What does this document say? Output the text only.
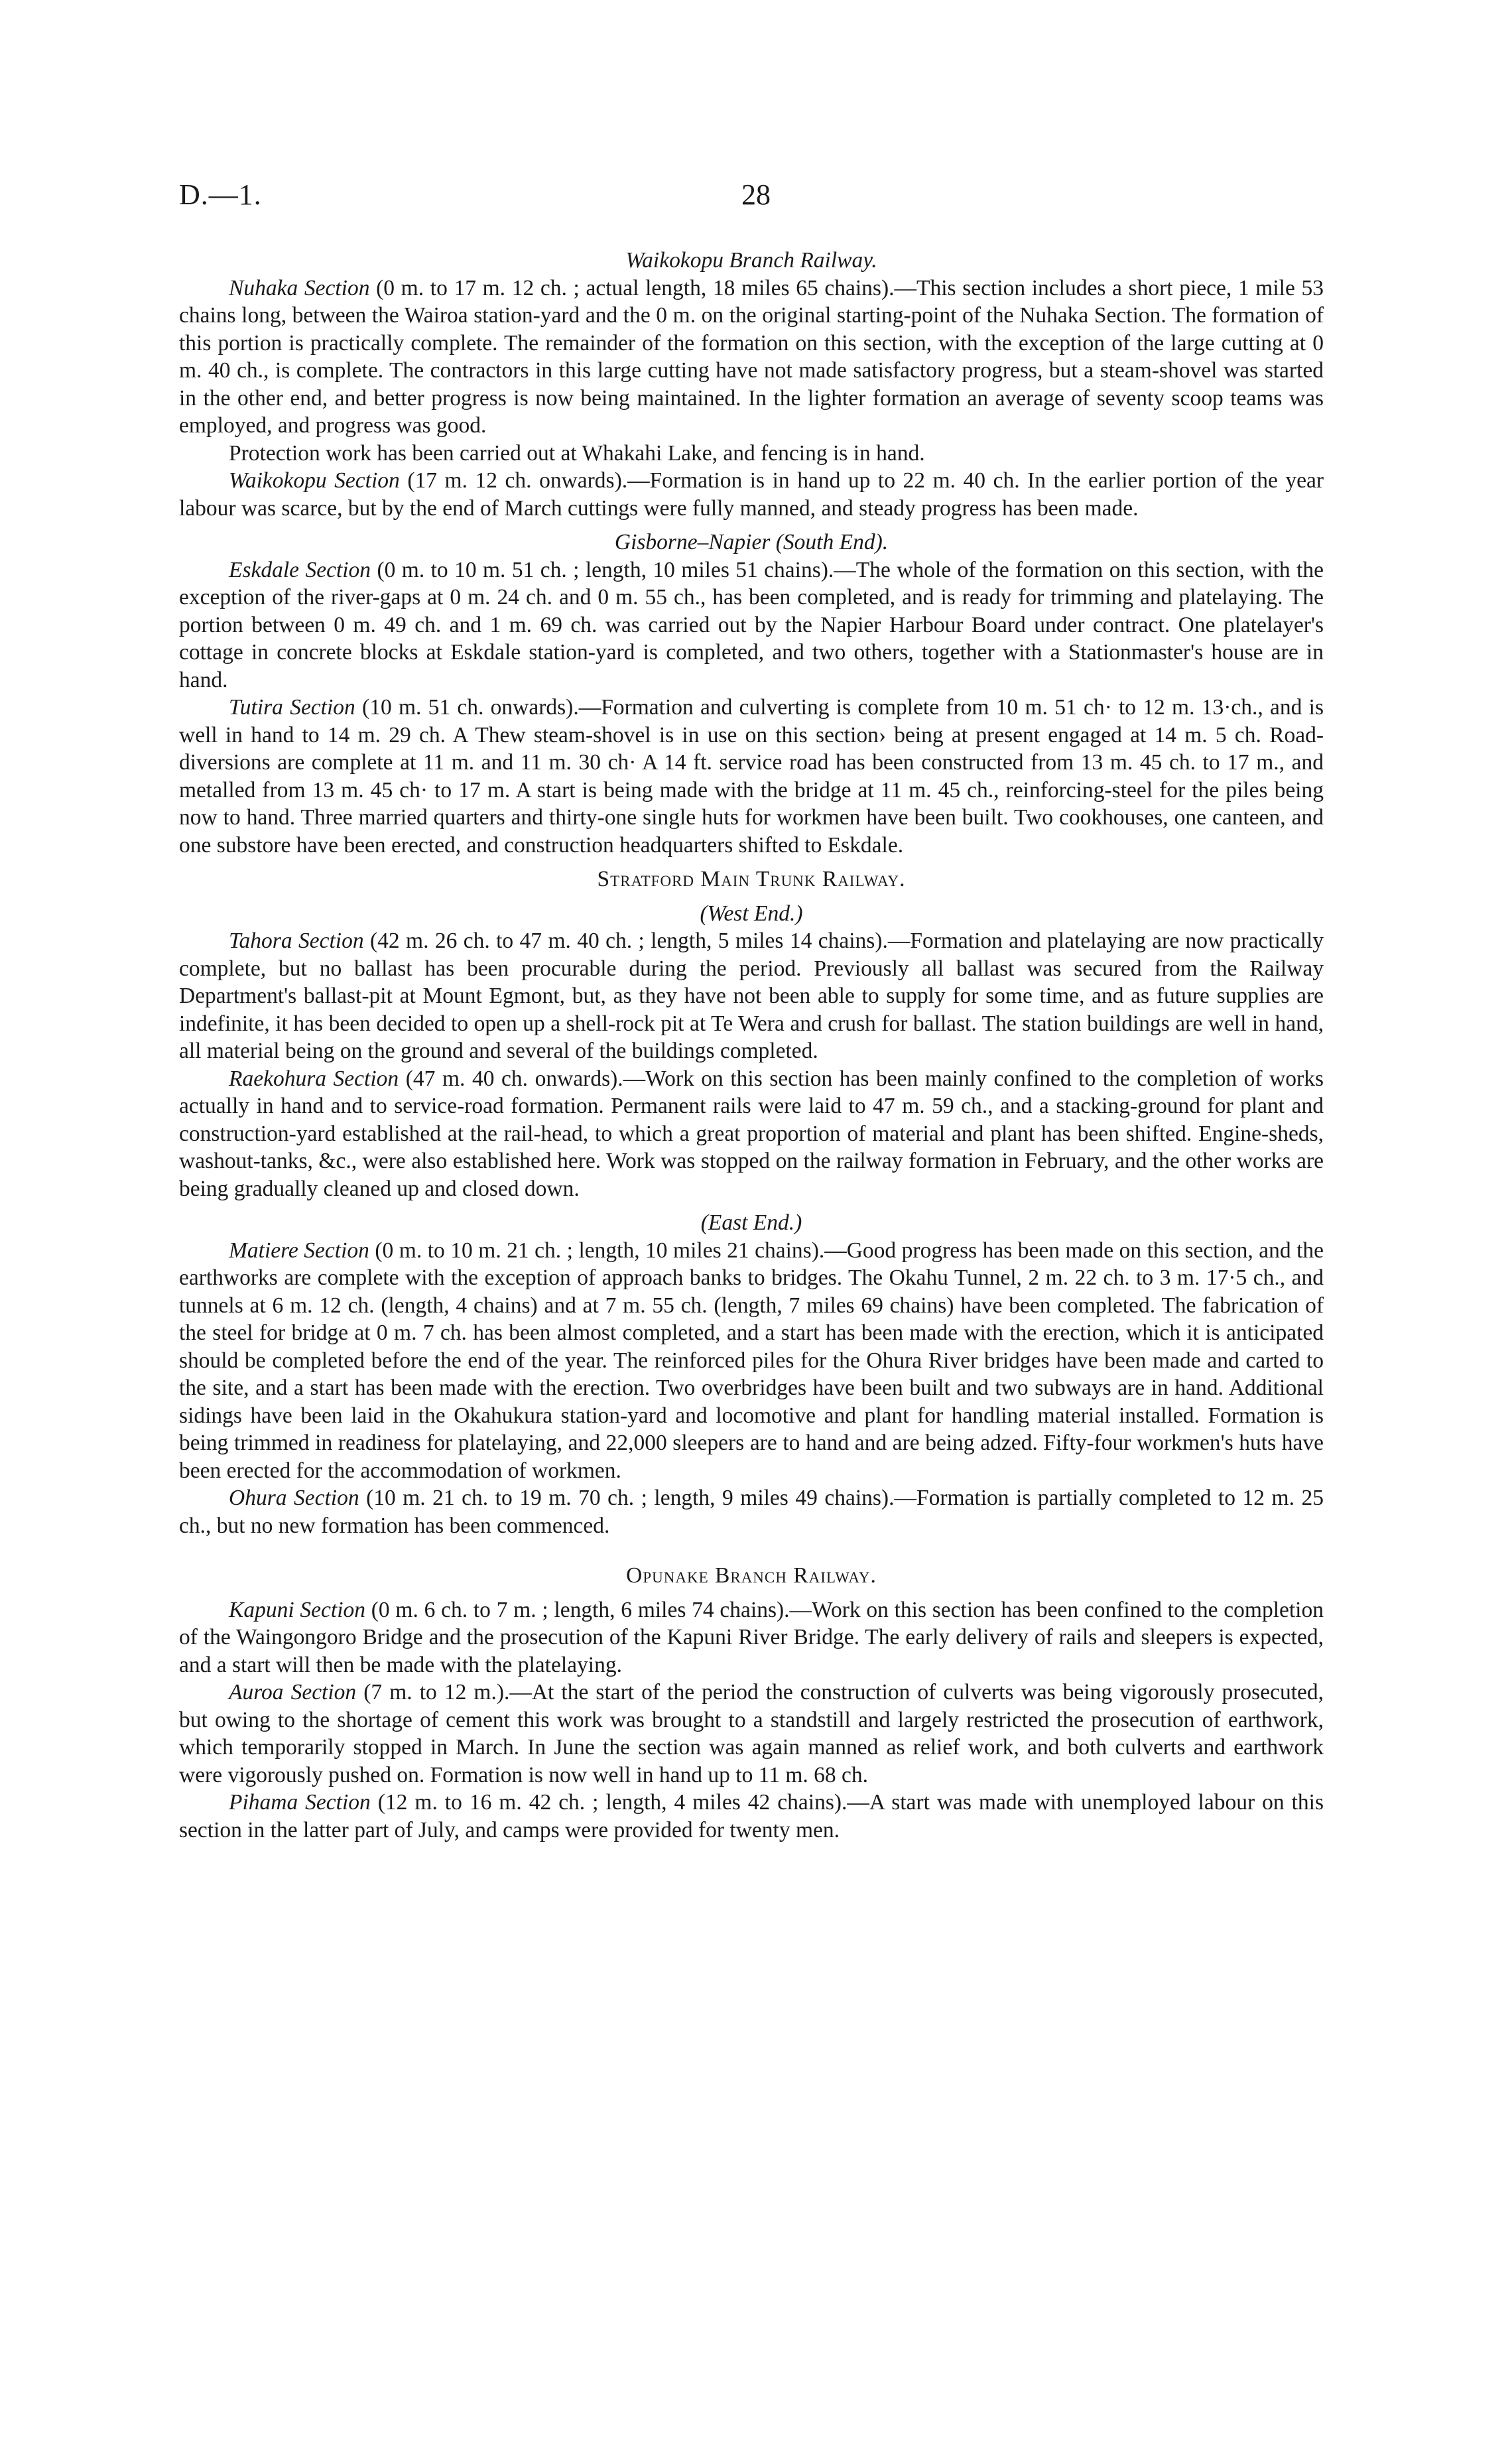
D.—1.	28
Waikokopu Branch Railway.

Nuhaka Section (0 m. to 17 m. 12 ch. ; actual length, 18 miles 65 chains).—This section includes a short piece, 1 mile 53 chains long, between the Wairoa station-yard and the 0 m. on the original starting-point of the Nuhaka Section. The formation of this portion is practically complete. The remainder of the formation on this section, with the exception of the large cutting at 0 m. 40 ch., is complete. The contractors in this large cutting have not made satisfactory progress, but a steam-shovel was started in the other end, and better progress is now being maintained. In the lighter formation an average of seventy scoop teams was employed, and progress was good.

Protection work has been carried out at Whakahi Lake, and fencing is in hand.

Waikokopu Section (17 m. 12 ch. onwards).—Formation is in hand up to 22 m. 40 ch. In the earlier portion of the year labour was scarce, but by the end of March cuttings were fully manned, and steady progress has been made.

Gisborne–Napier (South End).

Eskdale Section (0 m. to 10 m. 51 ch. ; length, 10 miles 51 chains).—The whole of the formation on this section, with the exception of the river-gaps at 0 m. 24 ch. and 0 m. 55 ch., has been completed, and is ready for trimming and platelaying. The portion between 0 m. 49 ch. and 1 m. 69 ch. was carried out by the Napier Harbour Board under contract. One platelayer's cottage in concrete blocks at Eskdale station-yard is completed, and two others, together with a Stationmaster's house are in hand.

Tutira Section (10 m. 51 ch. onwards).—Formation and culverting is complete from 10 m. 51 ch· to 12 m. 13·ch., and is well in hand to 14 m. 29 ch. A Thew steam-shovel is in use on this section› being at present engaged at 14 m. 5 ch. Road-diversions are complete at 11 m. and 11 m. 30 ch· A 14 ft. service road has been constructed from 13 m. 45 ch. to 17 m., and metalled from 13 m. 45 ch· to 17 m. A start is being made with the bridge at 11 m. 45 ch., reinforcing-steel for the piles being now to hand. Three married quarters and thirty-one single huts for workmen have been built. Two cookhouses, one canteen, and one substore have been erected, and construction headquarters shifted to Eskdale.

Stratford Main Trunk Railway.
(West End.)

Tahora Section (42 m. 26 ch. to 47 m. 40 ch. ; length, 5 miles 14 chains).—Formation and platelaying are now practically complete, but no ballast has been procurable during the period. Previously all ballast was secured from the Railway Department's ballast-pit at Mount Egmont, but, as they have not been able to supply for some time, and as future supplies are indefinite, it has been decided to open up a shell-rock pit at Te Wera and crush for ballast. The station buildings are well in hand, all material being on the ground and several of the buildings completed.

Raekohura Section (47 m. 40 ch. onwards).—Work on this section has been mainly confined to the completion of works actually in hand and to service-road formation. Permanent rails were laid to 47 m. 59 ch., and a stacking-ground for plant and construction-yard established at the rail-head, to which a great proportion of material and plant has been shifted. Engine-sheds, washout-tanks, &c., were also established here. Work was stopped on the railway formation in February, and the other works are being gradually cleaned up and closed down.

(East End.)

Matiere Section (0 m. to 10 m. 21 ch. ; length, 10 miles 21 chains).—Good progress has been made on this section, and the earthworks are complete with the exception of approach banks to bridges. The Okahu Tunnel, 2 m. 22 ch. to 3 m. 17·5 ch., and tunnels at 6 m. 12 ch. (length, 4 chains) and at 7 m. 55 ch. (length, 7 miles 69 chains) have been completed. The fabrication of the steel for bridge at 0 m. 7 ch. has been almost completed, and a start has been made with the erection, which it is anticipated should be completed before the end of the year. The reinforced piles for the Ohura River bridges have been made and carted to the site, and a start has been made with the erection. Two overbridges have been built and two subways are in hand. Additional sidings have been laid in the Okahukura station-yard and locomotive and plant for handling material installed. Formation is being trimmed in readiness for platelaying, and 22,000 sleepers are to hand and are being adzed. Fifty-four workmen's huts have been erected for the accommodation of workmen.

Ohura Section (10 m. 21 ch. to 19 m. 70 ch. ; length, 9 miles 49 chains).—Formation is partially completed to 12 m. 25 ch., but no new formation has been commenced.

Opunake Branch Railway.

Kapuni Section (0 m. 6 ch. to 7 m. ; length, 6 miles 74 chains).—Work on this section has been confined to the completion of the Waingongoro Bridge and the prosecution of the Kapuni River Bridge. The early delivery of rails and sleepers is expected, and a start will then be made with the platelaying.

Auroa Section (7 m. to 12 m.).—At the start of the period the construction of culverts was being vigorously prosecuted, but owing to the shortage of cement this work was brought to a standstill and largely restricted the prosecution of earthwork, which temporarily stopped in March. In June the section was again manned as relief work, and both culverts and earthwork were vigorously pushed on. Formation is now well in hand up to 11 m. 68 ch.

Pihama Section (12 m. to 16 m. 42 ch. ; length, 4 miles 42 chains).—A start was made with unemployed labour on this section in the latter part of July, and camps were provided for twenty men.
